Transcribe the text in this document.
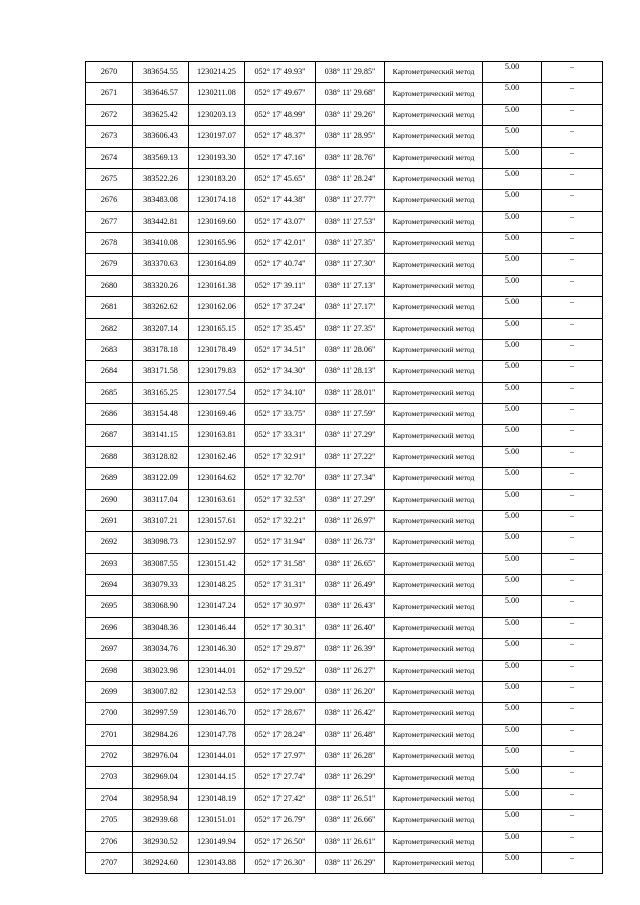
2670	383654.55	1230214.25	052° 17' 49.93"	038° 11' 29.85"	Картометрический метод	5.00	–
2671	383646.57	1230211.08	052° 17' 49.67"	038° 11' 29.68"	Картометрический метод	5.00	–
2672	383625.42	1230203.13	052° 17' 48.99"	038° 11' 29.26"	Картометрический метод	5.00	–
2673	383606.43	1230197.07	052° 17' 48.37"	038° 11' 28.95"	Картометрический метод	5.00	–
2674	383569.13	1230193.30	052° 17' 47.16"	038° 11' 28.76"	Картометрический метод	5.00	–
2675	383522.26	1230183.20	052° 17' 45.65"	038° 11' 28.24"	Картометрический метод	5.00	–
2676	383483.08	1230174.18	052° 17' 44.38"	038° 11' 27.77"	Картометрический метод	5.00	–
2677	383442.81	1230169.60	052° 17' 43.07"	038° 11' 27.53"	Картометрический метод	5.00	–
2678	383410.08	1230165.96	052° 17' 42.01"	038° 11' 27.35"	Картометрический метод	5.00	–
2679	383370.63	1230164.89	052° 17' 40.74"	038° 11' 27.30"	Картометрический метод	5.00	–
2680	383320.26	1230161.38	052° 17' 39.11"	038° 11' 27.13"	Картометрический метод	5.00	–
2681	383262.62	1230162.06	052° 17' 37.24"	038° 11' 27.17"	Картометрический метод	5.00	–
2682	383207.14	1230165.15	052° 17' 35.45"	038° 11' 27.35"	Картометрический метод	5.00	–
2683	383178.18	1230178.49	052° 17' 34.51"	038° 11' 28.06"	Картометрический метод	5.00	–
2684	383171.58	1230179.83	052° 17' 34.30"	038° 11' 28.13"	Картометрический метод	5.00	–
2685	383165.25	1230177.54	052° 17' 34.10"	038° 11' 28.01"	Картометрический метод	5.00	–
2686	383154.48	1230169.46	052° 17' 33.75"	038° 11' 27.59"	Картометрический метод	5.00	–
2687	383141.15	1230163.81	052° 17' 33.31"	038° 11' 27.29"	Картометрический метод	5.00	–
2688	383128.82	1230162.46	052° 17' 32.91"	038° 11' 27.22"	Картометрический метод	5.00	–
2689	383122.09	1230164.62	052° 17' 32.70"	038° 11' 27.34"	Картометрический метод	5.00	–
2690	383117.04	1230163.61	052° 17' 32.53"	038° 11' 27.29"	Картометрический метод	5.00	–
2691	383107.21	1230157.61	052° 17' 32.21"	038° 11' 26.97"	Картометрический метод	5.00	–
2692	383098.73	1230152.97	052° 17' 31.94"	038° 11' 26.73"	Картометрический метод	5.00	–
2693	383087.55	1230151.42	052° 17' 31.58"	038° 11' 26.65"	Картометрический метод	5.00	–
2694	383079.33	1230148.25	052° 17' 31.31"	038° 11' 26.49"	Картометрический метод	5.00	–
2695	383068.90	1230147.24	052° 17' 30.97"	038° 11' 26.43"	Картометрический метод	5.00	–
2696	383048.36	1230146.44	052° 17' 30.31"	038° 11' 26.40"	Картометрический метод	5.00	–
2697	383034.76	1230146.30	052° 17' 29.87"	038° 11' 26.39"	Картометрический метод	5.00	–
2698	383023.98	1230144.01	052° 17' 29.52"	038° 11' 26.27"	Картометрический метод	5.00	–
2699	383007.82	1230142.53	052° 17' 29.00"	038° 11' 26.20"	Картометрический метод	5.00	–
2700	382997.59	1230146.70	052° 17' 28.67"	038° 11' 26.42"	Картометрический метод	5.00	–
2701	382984.26	1230147.78	052° 17' 28.24"	038° 11' 26.48"	Картометрический метод	5.00	–
2702	382976.04	1230144.01	052° 17' 27.97"	038° 11' 26.28"	Картометрический метод	5.00	–
2703	382969.04	1230144.15	052° 17' 27.74"	038° 11' 26.29"	Картометрический метод	5.00	–
2704	382958.94	1230148.19	052° 17' 27.42"	038° 11' 26.51"	Картометрический метод	5.00	–
2705	382939.68	1230151.01	052° 17' 26.79"	038° 11' 26.66"	Картометрический метод	5.00	–
2706	382930.52	1230149.94	052° 17' 26.50"	038° 11' 26.61"	Картометрический метод	5.00	–
2707	382924.60	1230143.88	052° 17' 26.30"	038° 11' 26.29"	Картометрический метод	5.00	–
